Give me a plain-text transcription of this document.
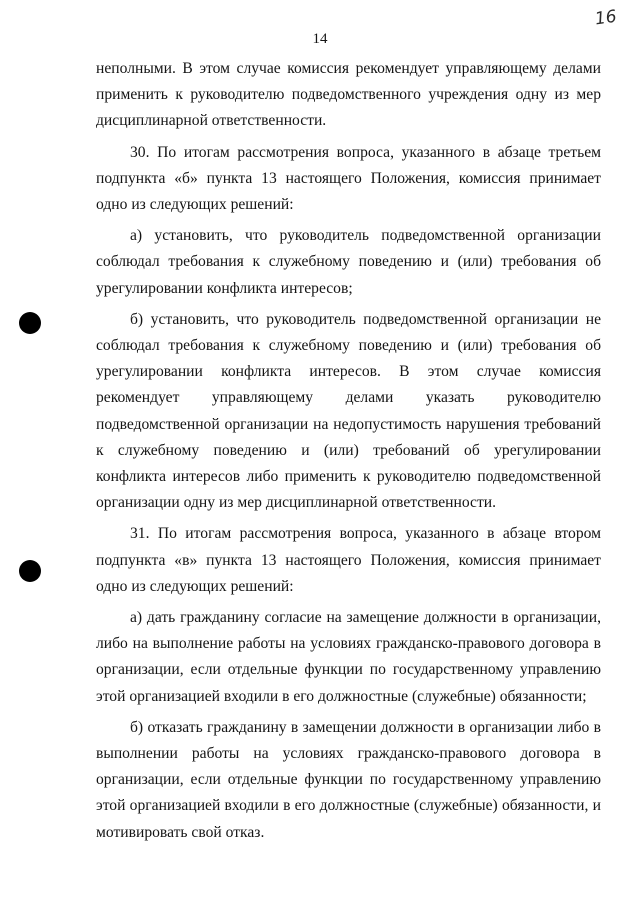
14
16

неполными. В этом случае комиссия рекомендует управляющему делами применить к руководителю подведомственного учреждения одну из мер дисциплинарной ответственности.

30. По итогам рассмотрения вопроса, указанного в абзаце третьем подпункта «б» пункта 13 настоящего Положения, комиссия принимает одно из следующих решений:

а) установить, что руководитель подведомственной организации соблюдал требования к служебному поведению и (или) требования об урегулировании конфликта интересов;

б) установить, что руководитель подведомственной организации не соблюдал требования к служебному поведению и (или) требования об урегулировании конфликта интересов. В этом случае комиссия рекомендует управляющему делами указать руководителю подведомственной организации на недопустимость нарушения требований к служебному поведению и (или) требований об урегулировании конфликта интересов либо применить к руководителю подведомственной организации одну из мер дисциплинарной ответственности.

31. По итогам рассмотрения вопроса, указанного в абзаце втором подпункта «в» пункта 13 настоящего Положения, комиссия принимает одно из следующих решений:

а) дать гражданину согласие на замещение должности в организации, либо на выполнение работы на условиях гражданско-правового договора в организации, если отдельные функции по государственному управлению этой организацией входили в его должностные (служебные) обязанности;

б) отказать гражданину в замещении должности в организации либо в выполнении работы на условиях гражданско-правового договора в организации, если отдельные функции по государственному управлению этой организацией входили в его должностные (служебные) обязанности, и мотивировать свой отказ.
